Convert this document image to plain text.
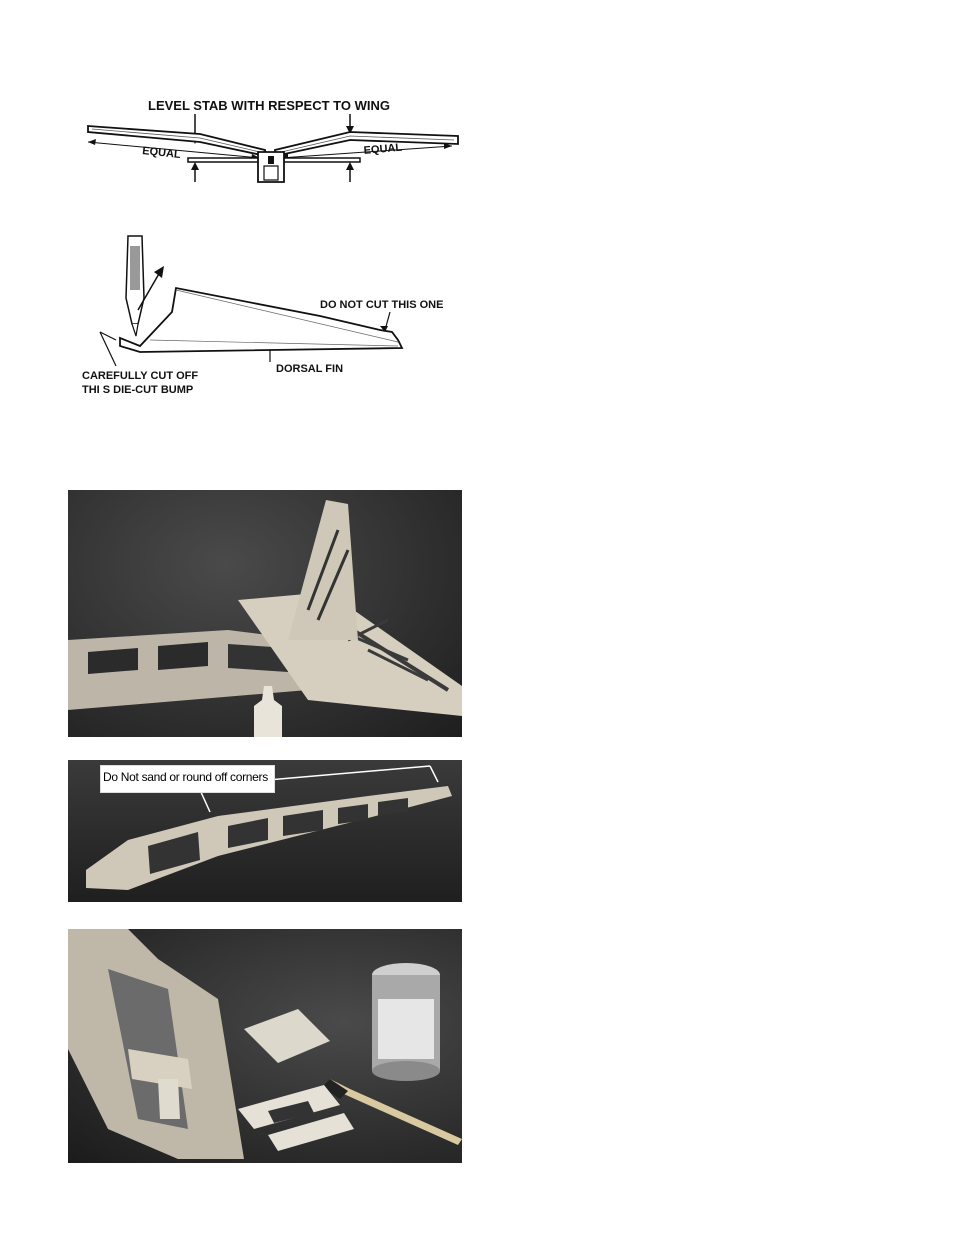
LEVEL STAB WITH RESPECT TO WING
EQUAL	EQUAL
DO NOT CUT THIS ONE
DORSAL FIN
CAREFULLY CUT OFF
THI S DIE-CUT BUMP
Do Not sand or round off corners
